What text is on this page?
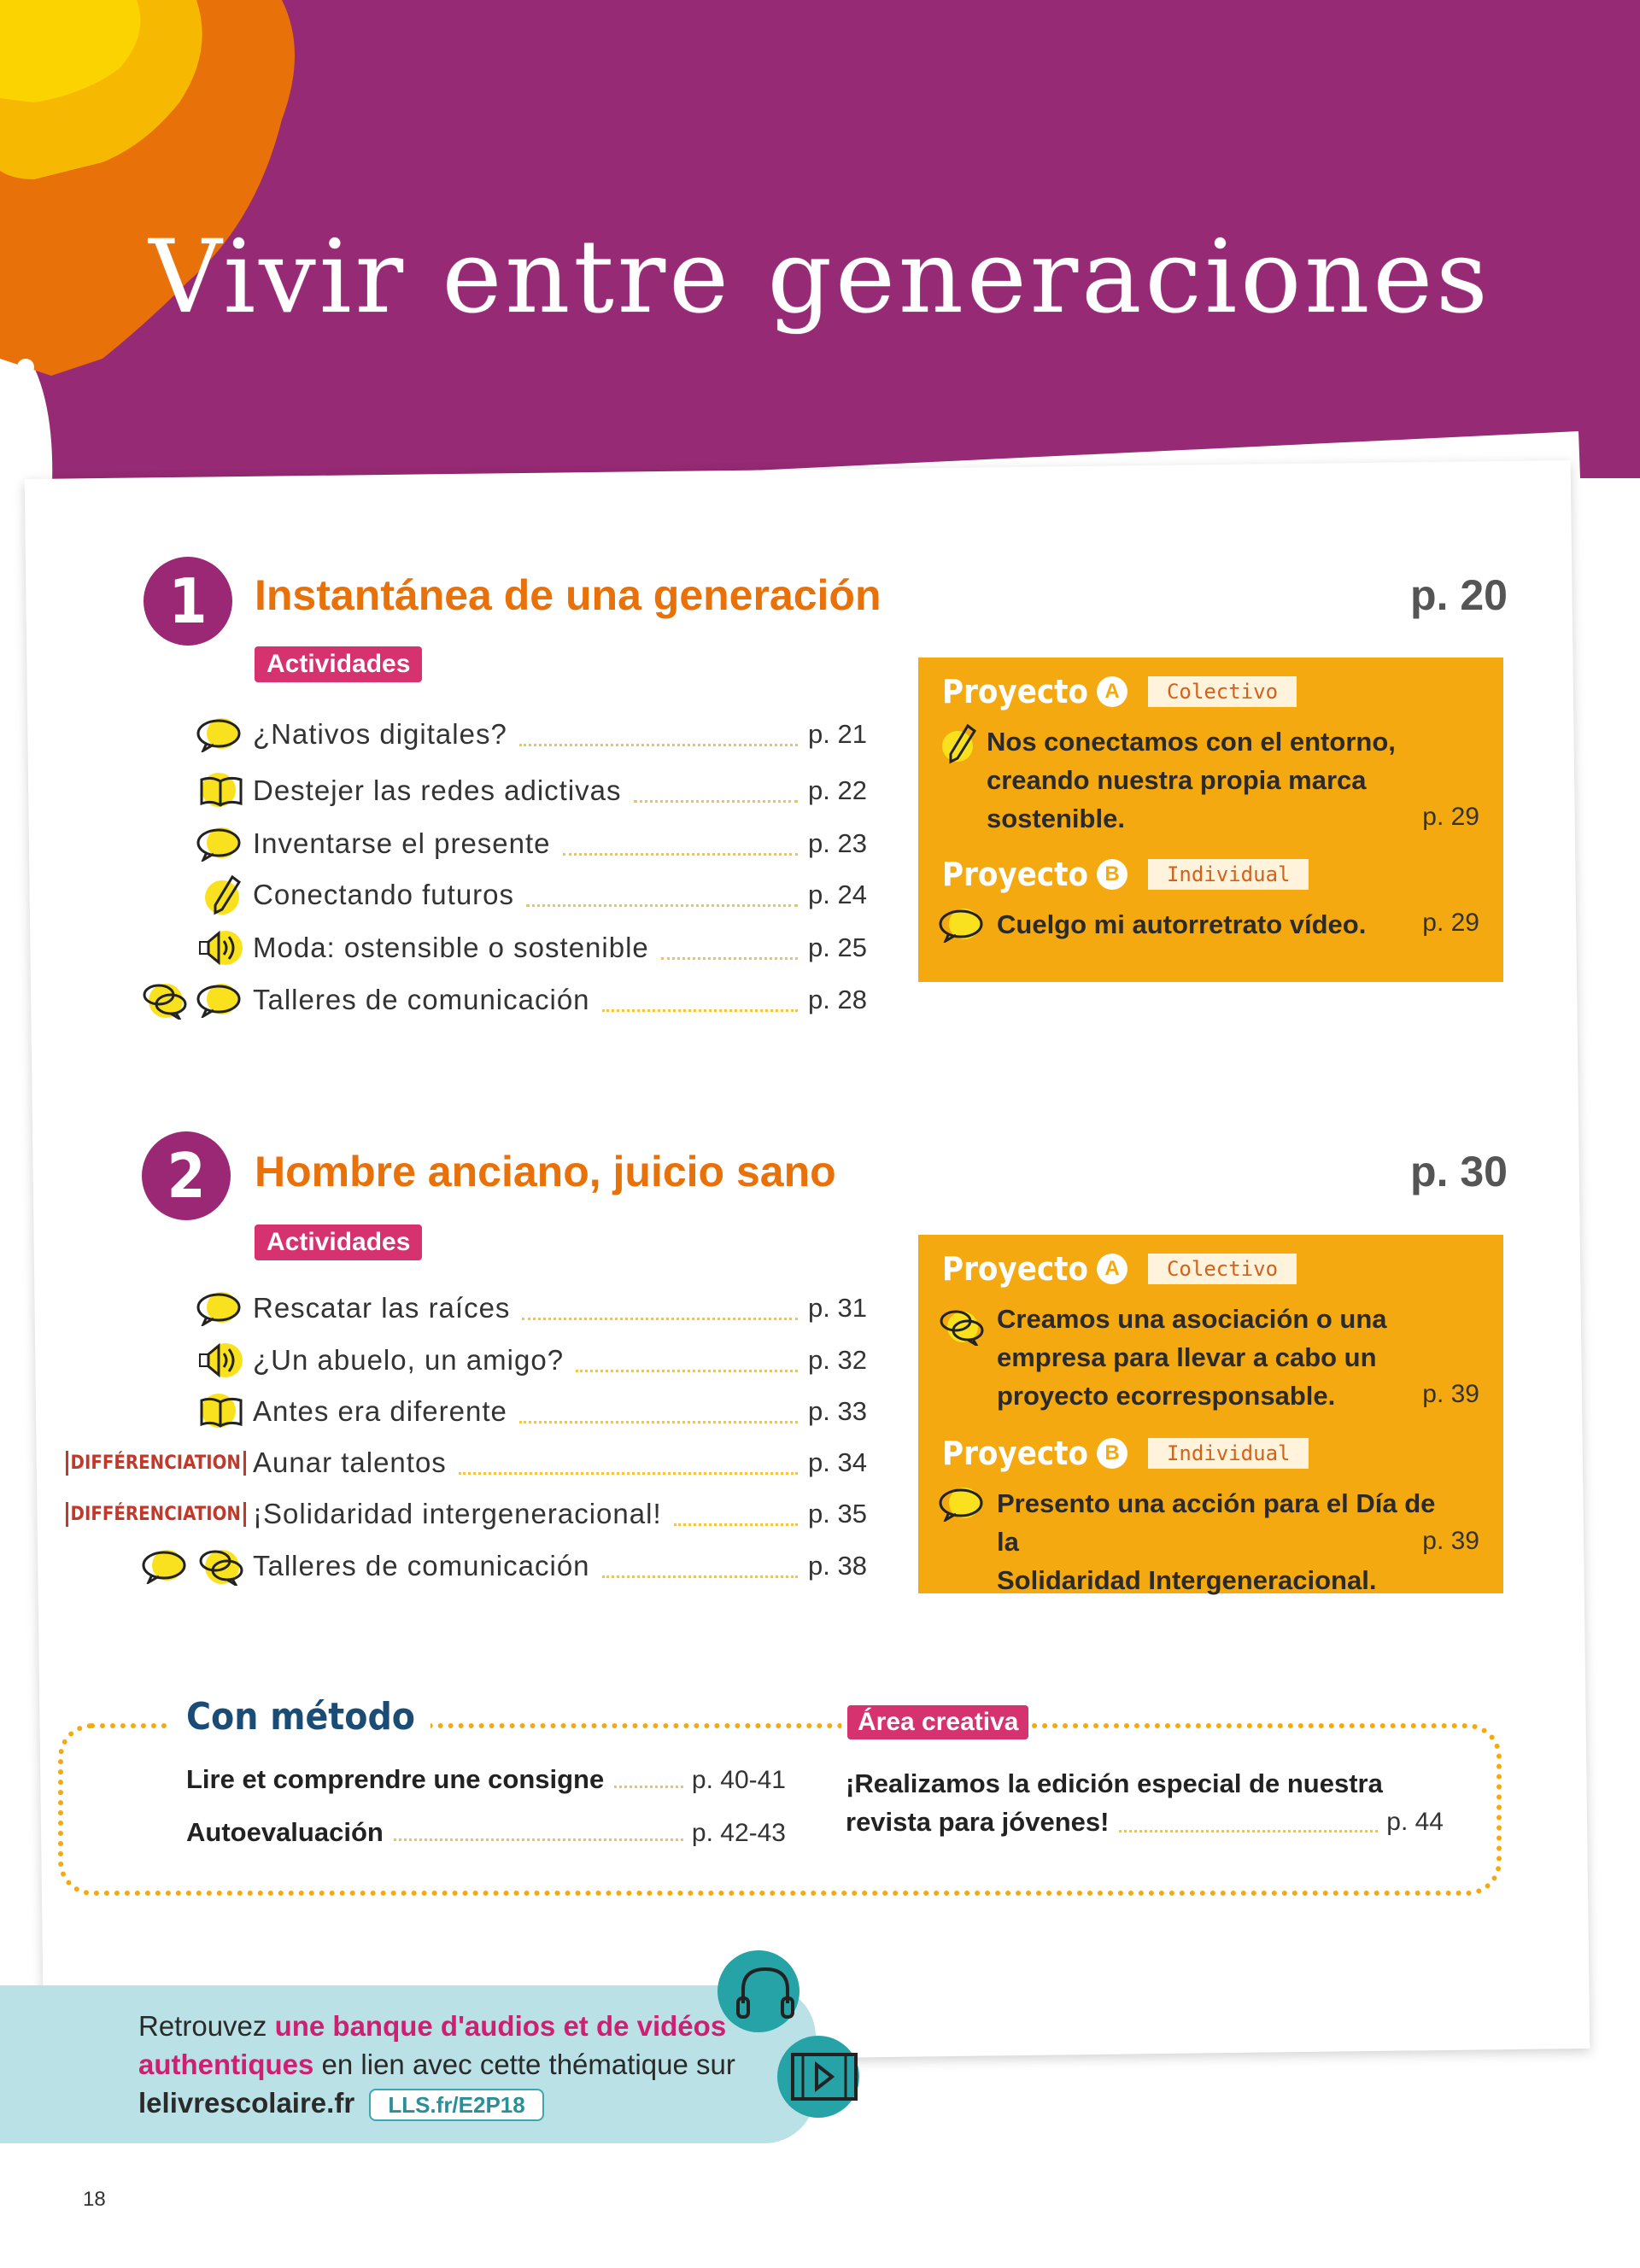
Vivir entre generaciones
1	Instantánea de una generación	p. 20
Actividades
¿Nativos digitales?	p. 21
Destejer las redes adictivas	p. 22
Inventarse el presente	p. 23
Conectando futuros	p. 24
Moda: ostensible o sostenible	p. 25
Talleres de comunicación	p. 28
Proyecto A	Colectivo
Nos conectamos con el entorno,
creando nuestra propia marca
sostenible.	p. 29
Proyecto B	Individual
Cuelgo mi autorretrato vídeo.	p. 29
2	Hombre anciano, juicio sano	p. 30
Actividades
Rescatar las raíces	p. 31
¿Un abuelo, un amigo?	p. 32
Antes era diferente	p. 33
DIFFÉRENCIATION Aunar talentos	p. 34
DIFFÉRENCIATION ¡Solidaridad intergeneracional!	p. 35
Talleres de comunicación	p. 38
Proyecto A	Colectivo
Creamos una asociación o una
empresa para llevar a cabo un
proyecto ecorresponsable.	p. 39
Proyecto B	Individual
Presento una acción para el Día de la
Solidaridad Intergeneracional.
p. 39
Con método
Lire et comprendre une consigne	p. 40-41
Autoevaluación	p. 42-43
Área creativa
¡Realizamos la edición especial de nuestra
revista para jóvenes!	p. 44
Retrouvez une banque d'audios et de vidéos
authentiques en lien avec cette thématique sur
lelivrescolaire.fr LLS.fr/E2P18
18
